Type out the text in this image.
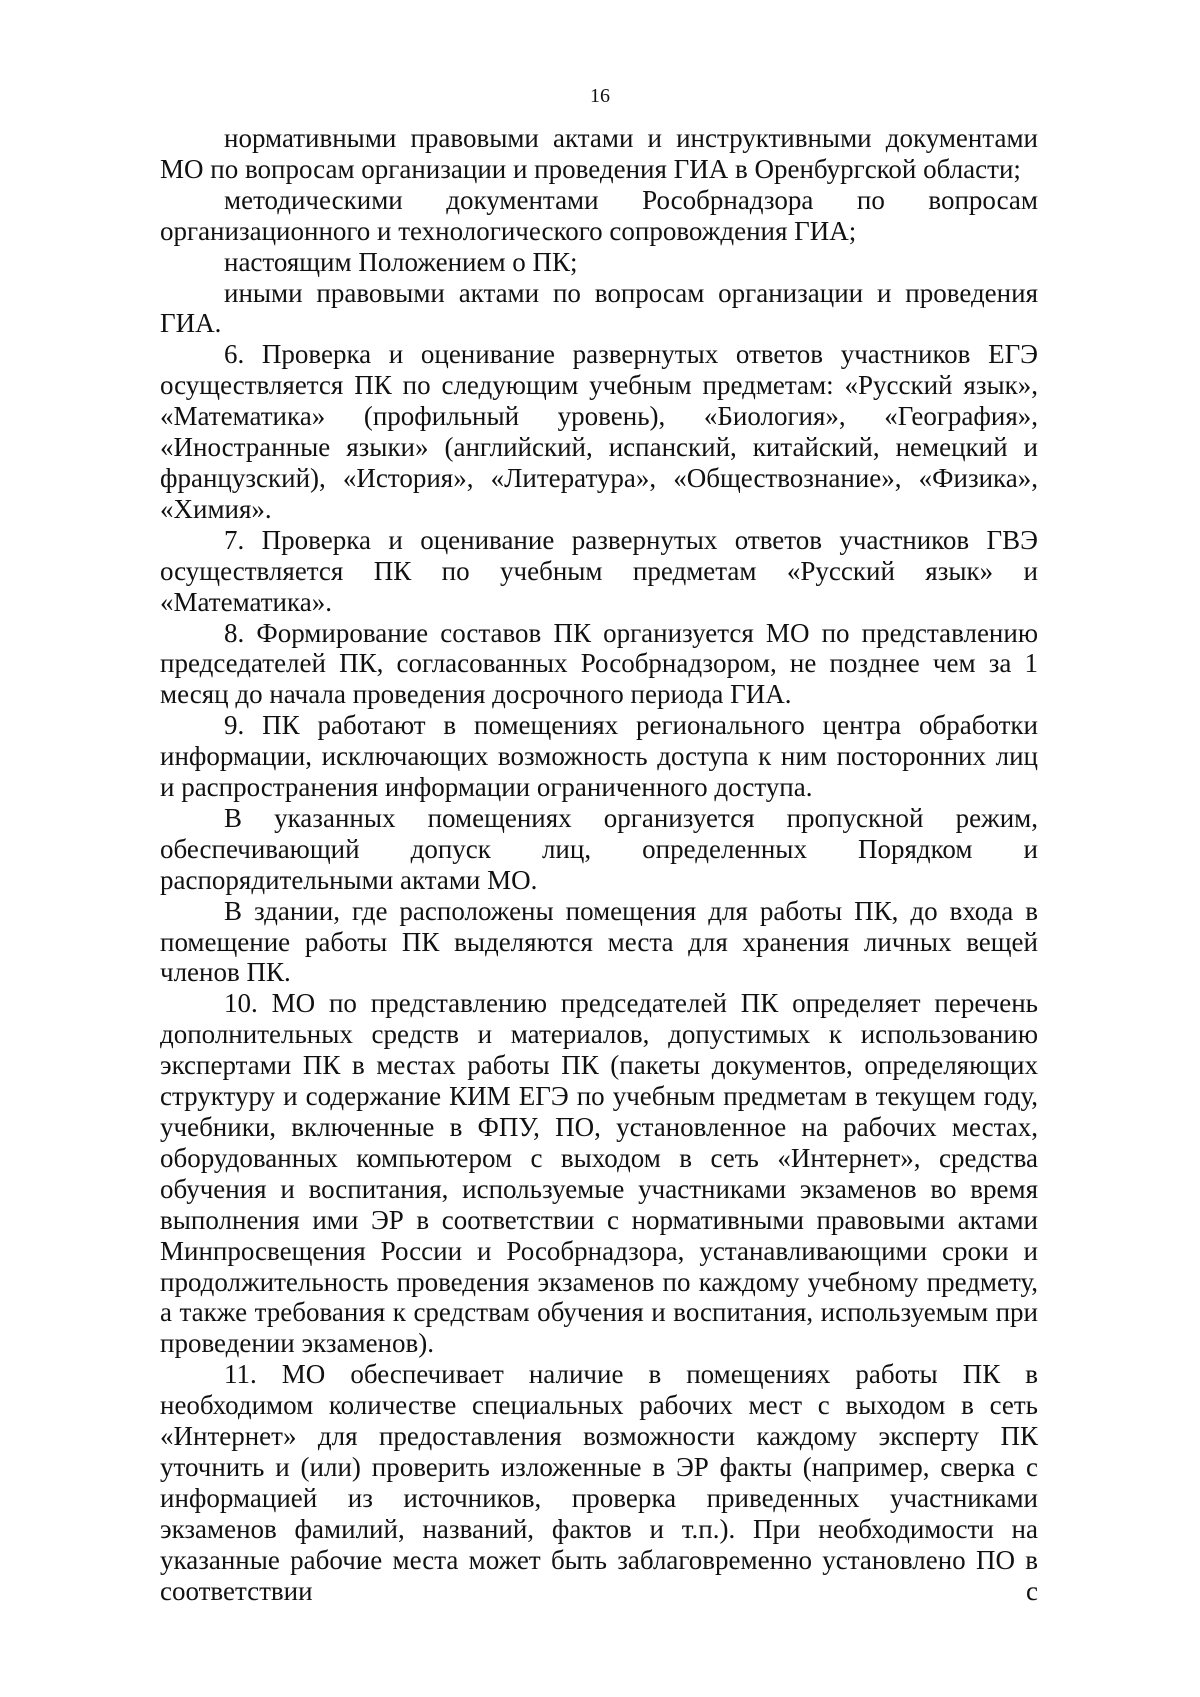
16

нормативными правовыми актами и инструктивными документами МО по вопросам организации и проведения ГИА в Оренбургской области;

методическими документами Рособрнадзора по вопросам организационного и технологического сопровождения ГИА;

настоящим Положением о ПК;

иными правовыми актами по вопросам организации и проведения ГИА.

6. Проверка и оценивание развернутых ответов участников ЕГЭ осуществляется ПК по следующим учебным предметам: «Русский язык», «Математика» (профильный уровень), «Биология», «География», «Иностранные языки» (английский, испанский, китайский, немецкий и французский), «История», «Литература», «Обществознание», «Физика», «Химия».

7. Проверка и оценивание развернутых ответов участников ГВЭ осуществляется ПК по учебным предметам «Русский язык» и «Математика».

8. Формирование составов ПК организуется МО по представлению председателей ПК, согласованных Рособрнадзором, не позднее чем за 1 месяц до начала проведения досрочного периода ГИА.

9. ПК работают в помещениях регионального центра обработки информации, исключающих возможность доступа к ним посторонних лиц и распространения информации ограниченного доступа.

В указанных помещениях организуется пропускной режим, обеспечивающий допуск лиц, определенных Порядком и распорядительными актами МО.

В здании, где расположены помещения для работы ПК, до входа в помещение работы ПК выделяются места для хранения личных вещей членов ПК.

10. МО по представлению председателей ПК определяет перечень дополнительных средств и материалов, допустимых к использованию экспертами ПК в местах работы ПК (пакеты документов, определяющих структуру и содержание КИМ ЕГЭ по учебным предметам в текущем году, учебники, включенные в ФПУ, ПО, установленное на рабочих местах, оборудованных компьютером с выходом в сеть «Интернет», средства обучения и воспитания, используемые участниками экзаменов во время выполнения ими ЭР в соответствии с нормативными правовыми актами Минпросвещения России и Рособрнадзора, устанавливающими сроки и продолжительность проведения экзаменов по каждому учебному предмету, а также требования к средствам обучения и воспитания, используемым при проведении экзаменов).

11. МО обеспечивает наличие в помещениях работы ПК в необходимом количестве специальных рабочих мест с выходом в сеть «Интернет» для предоставления возможности каждому эксперту ПК уточнить и (или) проверить изложенные в ЭР факты (например, сверка с информацией из источников, проверка приведенных участниками экзаменов фамилий, названий, фактов и т.п.). При необходимости на указанные рабочие места может быть заблаговременно установлено ПО в соответствии с
